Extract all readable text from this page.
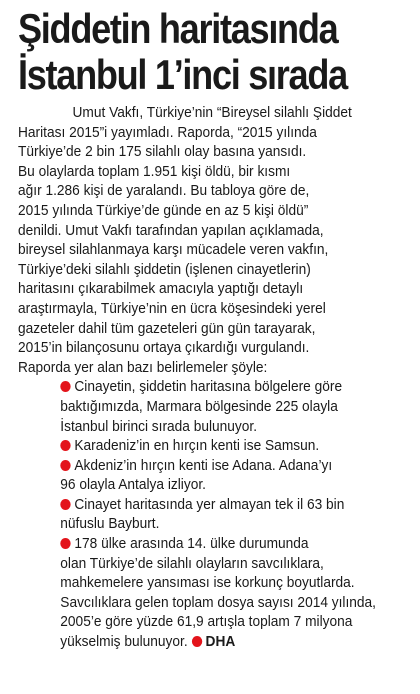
Şiddetin haritasında
İstanbul 1’inci sırada

Umut Vakfı, Türkiye’nin “Bireysel silahlı Şiddet
Haritası 2015”i yayımladı. Raporda, “2015 yılında
Türkiye’de 2 bin 175 silahlı olay basına yansıdı.
Bu olaylarda toplam 1.951 kişi öldü, bir kısmı
ağır 1.286 kişi de yaralandı. Bu tabloya göre de,
2015 yılında Türkiye’de günde en az 5 kişi öldü”
denildi. Umut Vakfı tarafından yapılan açıklamada,
bireysel silahlanmaya karşı mücadele veren vakfın,
Türkiye’deki silahlı şiddetin (işlenen cinayetlerin)
haritasını çıkarabilmek amacıyla yaptığı detaylı
araştırmayla, Türkiye’nin en ücra köşesindeki yerel
gazeteler dahil tüm gazeteleri gün gün tarayarak,
2015’in bilançosunu ortaya çıkardığı vurgulandı.
Raporda yer alan bazı belirlemeler şöyle:

Cinayetin, şiddetin haritasına bölgelere göre
baktığımızda, Marmara bölgesinde 225 olayla
İstanbul birinci sırada bulunuyor.

Karadeniz’in en hırçın kenti ise Samsun.

Akdeniz’in hırçın kenti ise Adana. Adana’yı
96 olayla Antalya izliyor.

Cinayet haritasında yer almayan tek il 63 bin
nüfuslu Bayburt.

178 ülke arasında 14. ülke durumunda
olan Türkiye’de silahlı olayların savcılıklara,
mahkemelere yansıması ise korkunç boyutlarda.
Savcılıklara gelen toplam dosya sayısı 2014 yılında,
2005’e göre yüzde 61,9 artışla toplam 7 milyona
yükselmiş bulunuyor. DHA
